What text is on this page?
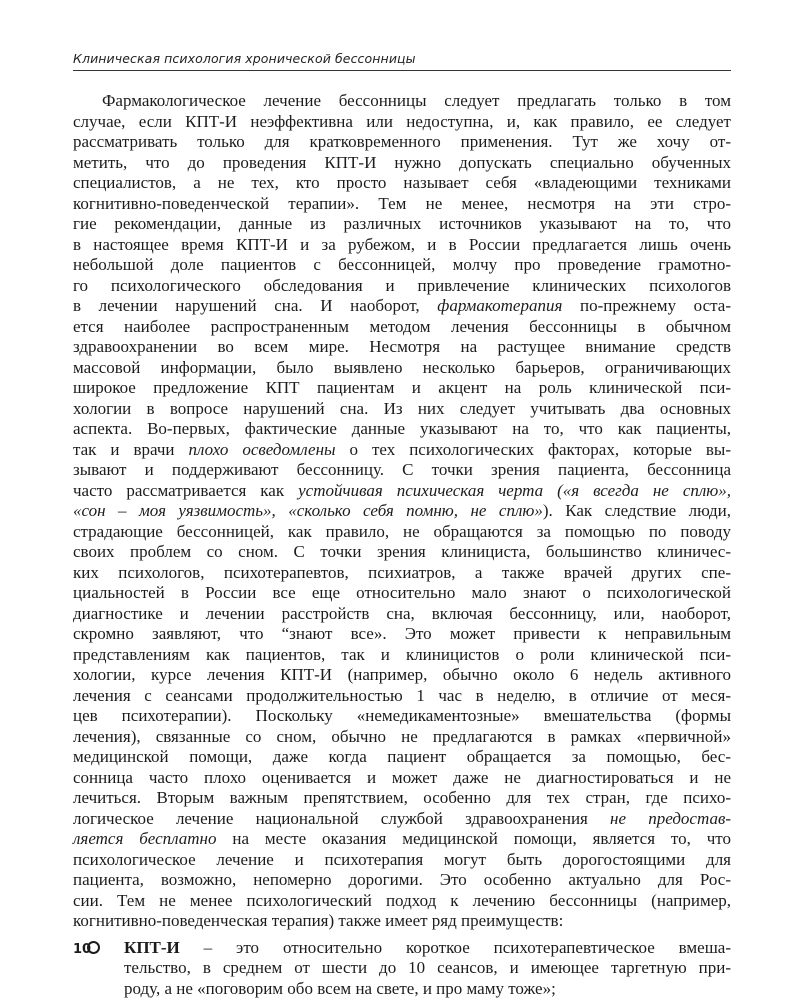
Клиническая психология хронической бессонницы
Фармакологическое лечение бессонницы следует предлагать только в том
случае, если КПТ-И неэффективна или недоступна, и, как правило, ее следует
рассматривать только для кратковременного применения. Тут же хочу от-
метить, что до проведения КПТ-И нужно допускать специально обученных
специалистов, а не тех, кто просто называет себя «владеющими техниками
когнитивно-поведенческой терапии». Тем не менее, несмотря на эти стро-
гие рекомендации, данные из различных источников указывают на то, что
в настоящее время КПТ-И и за рубежом, и в России предлагается лишь очень
небольшой доле пациентов с бессонницей, молчу про проведение грамотно-
го психологического обследования и привлечение клинических психологов
в лечении нарушений сна. И наоборот, фармакотерапия по-прежнему оста-
ется наиболее распространенным методом лечения бессонницы в обычном
здравоохранении во всем мире. Несмотря на растущее внимание средств
массовой информации, было выявлено несколько барьеров, ограничивающих
широкое предложение КПТ пациентам и акцент на роль клинической пси-
хологии в вопросе нарушений сна. Из них следует учитывать два основных
аспекта. Во-первых, фактические данные указывают на то, что как пациенты,
так и врачи плохо осведомлены о тех психологических факторах, которые вы-
зывают и поддерживают бессонницу. С точки зрения пациента, бессонница
часто рассматривается как устойчивая психическая черта («я всегда не сплю»,
«сон – моя уязвимость», «сколько себя помню, не сплю»). Как следствие люди,
страдающие бессонницей, как правило, не обращаются за помощью по поводу
своих проблем со сном. С точки зрения клинициста, большинство клиничес-
ких психологов, психотерапевтов, психиатров, а также врачей других спе-
циальностей в России все еще относительно мало знают о психологической
диагностике и лечении расстройств сна, включая бессонницу, или, наоборот,
скромно заявляют, что “знают все». Это может привести к неправильным
представлениям как пациентов, так и клиницистов о роли клинической пси-
хологии, курсе лечения КПТ-И (например, обычно около 6 недель активного
лечения с сеансами продолжительностью 1 час в неделю, в отличие от меся-
цев психотерапии). Поскольку «немедикаментозные» вмешательства (формы
лечения), связанные со сном, обычно не предлагаются в рамках «первичной»
медицинской помощи, даже когда пациент обращается за помощью, бес-
сонница часто плохо оценивается и может даже не диагностироваться и не
лечиться. Вторым важным препятствием, особенно для тех стран, где психо-
логическое лечение национальной службой здравоохранения не предостав-
ляется бесплатно на месте оказания медицинской помощи, является то, что
психологическое лечение и психотерапия могут быть дорогостоящими для
пациента, возможно, непомерно дорогими. Это особенно актуально для Рос-
сии. Тем не менее психологический подход к лечению бессонницы (например,
когнитивно-поведенческая терапия) также имеет ряд преимуществ:
КПТ-И – это относительно короткое психотерапевтическое вмеша-
тельство, в среднем от шести до 10 сеансов, и имеющее таргетную при-
роду, а не «поговорим обо всем на свете, и про маму тоже»;
10
